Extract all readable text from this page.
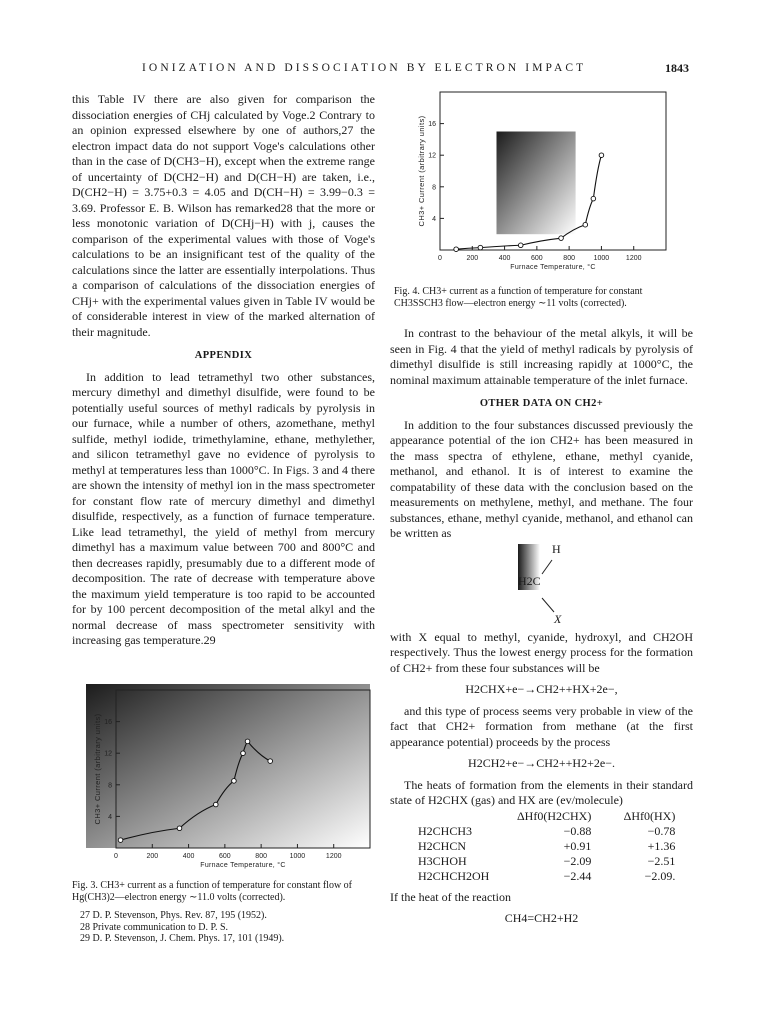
IONIZATION AND DISSOCIATION BY ELECTRON IMPACT	1843

this Table IV there are also given for comparison the dissociation energies of CHj calculated by Voge.2 Contrary to an opinion expressed elsewhere by one of authors,27 the electron impact data do not support Voge's calculations other than in the case of D(CH3−H), except when the extreme range of uncertainty of D(CH2−H) and D(CH−H) are taken, i.e., D(CH2−H) = 3.75+0.3 = 4.05 and D(CH−H) = 3.99−0.3 = 3.69. Professor E. B. Wilson has remarked28 that the more or less monotonic variation of D(CHj−H) with j, causes the comparison of the experimental values with those of Voge's calculations to be an insignificant test of the quality of the calculations since the latter are essentially interpolations. Thus a comparison of calculations of the dissociation energies of CHj+ with the experimental values given in Table IV would be of considerable interest in view of the marked alternation of their magnitude.

APPENDIX

In addition to lead tetramethyl two other substances, mercury dimethyl and dimethyl disulfide, were found to be potentially useful sources of methyl radicals by pyrolysis in our furnace, while a number of others, azomethane, methyl sulfide, methyl iodide, trimethylamine, ethane, methylether, and silicon tetramethyl gave no evidence of pyrolysis to methyl at temperatures less than 1000°C. In Figs. 3 and 4 there are shown the intensity of methyl ion in the mass spectrometer for constant flow rate of mercury dimethyl and dimethyl disulfide, respectively, as a function of furnace temperature. Like lead tetramethyl, the yield of methyl from mercury dimethyl has a maximum value between 700 and 800°C and then decreases rapidly, presumably due to a different mode of decomposition. The rate of decrease with temperature above the maximum yield temperature is too rapid to be accounted for by 100 percent decomposition of the metal alkyl and the normal decrease of mass spectrometer sensitivity with increasing gas temperature.29

0	200	400	600	800	1000 1200
4
8
12
16
Furnace Temperature, °C
CH3+ Current (arbitrary units)
Fig. 4. CH3+ current as a function of temperature for constant CH3SSCH3 flow—electron energy ∼11 volts (corrected).

In contrast to the behaviour of the metal alkyls, it will be seen in Fig. 4 that the yield of methyl radicals by pyrolysis of dimethyl disulfide is still increasing rapidly at 1000°C, the nominal maximum attainable temperature of the inlet furnace.

OTHER DATA ON CH2+

In addition to the four substances discussed previously the appearance potential of the ion CH2+ has been measured in the mass spectra of ethylene, ethane, methyl cyanide, methanol, and ethanol. It is of interest to examine the compatability of these data with the conclusion based on the measurements on methylene, methyl, and methane. The four substances, ethane, methyl cyanide, methanol, and ethanol can be written as

H
H2C
X

with X equal to methyl, cyanide, hydroxyl, and CH2OH respectively. Thus the lowest energy process for the formation of CH2+ from these four substances will be

H2CHX+e−→CH2++HX+2e−,

and this type of process seems very probable in view of the fact that CH2+ formation from methane (at the first appearance potential) proceeds by the process

H2CH2+e−→CH2++H2+2e−.

The heats of formation from the elements in their standard state of H2CHX (gas) and HX are (ev/molecule)

	ΔHf0(H2CHX)	ΔHf0(HX)
H2CHCH3	−0.88	−0.78
H2CHCN	+0.91	+1.36
H3CHOH	−2.09	−2.51
H2CHCH2OH	−2.44	−2.09.

If the heat of the reaction

CH4=CH2+H2

0	200	400	600	800	1000	1200
4
8
12
16
Furnace Temperature, °C
CH3+ Current (arbitrary units)
Fig. 3. CH3+ current as a function of temperature for constant flow of Hg(CH3)2—electron energy ∼11.0 volts (corrected).
27 D. P. Stevenson, Phys. Rev. 87, 195 (1952).
28 Private communication to D. P. S.
29 D. P. Stevenson, J. Chem. Phys. 17, 101 (1949).
